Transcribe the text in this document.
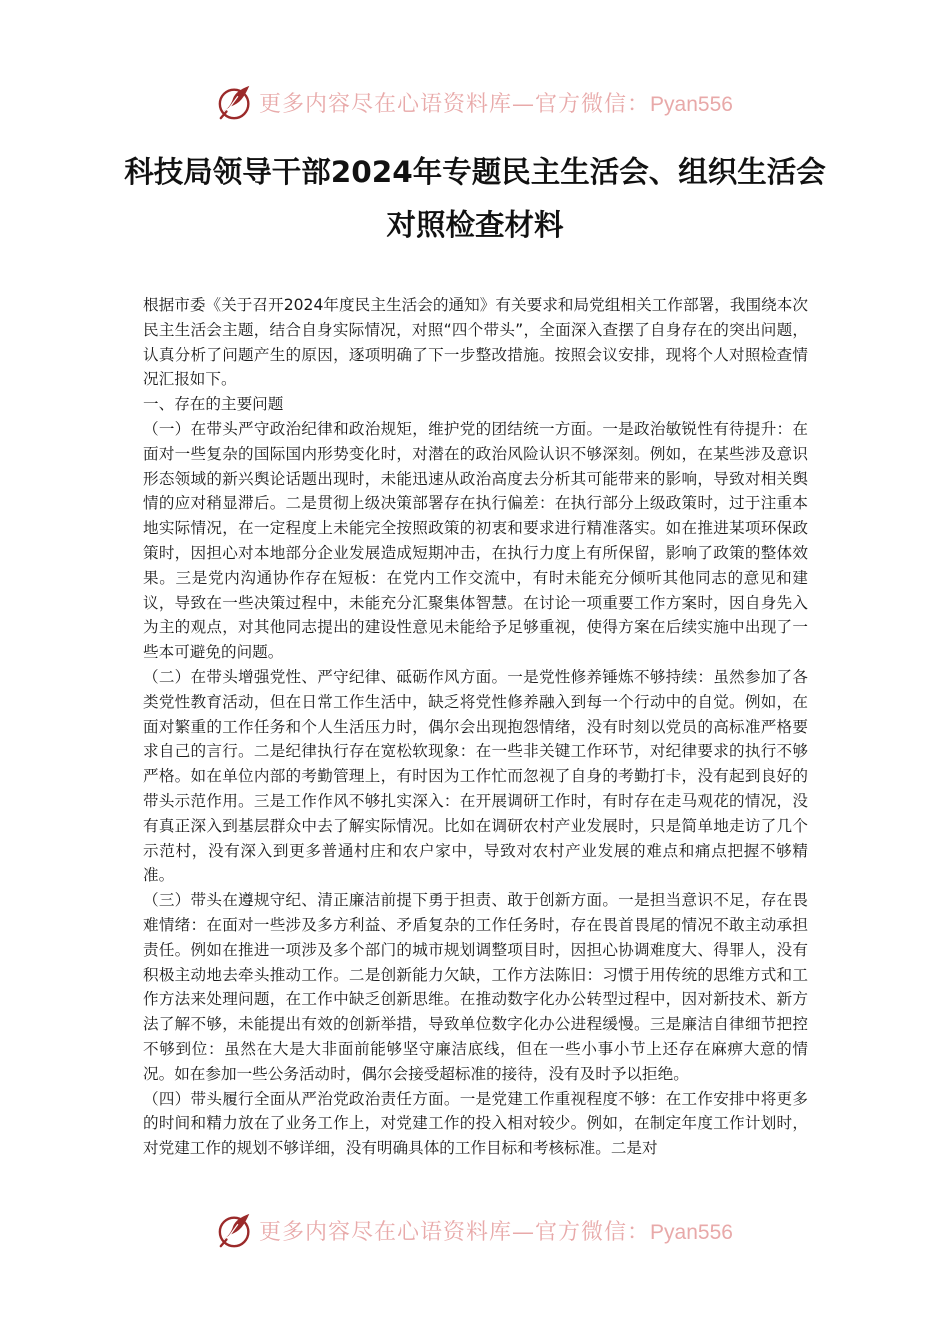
更多内容尽在心语资料库—官方微信：Pyan556
科技局领导干部2024年专题民主生活会、组织生活会对照检查材料

根据市委《关于召开2024年度民主生活会的通知》有关要求和局党组相关工作部署，我围绕本次民主生活会主题，结合自身实际情况，对照“四个带头”，全面深入查摆了自身存在的突出问题，认真分析了问题产生的原因，逐项明确了下一步整改措施。按照会议安排，现将个人对照检查情况汇报如下。

一、存在的主要问题

（一）在带头严守政治纪律和政治规矩，维护党的团结统一方面。一是政治敏锐性有待提升：在面对一些复杂的国际国内形势变化时，对潜在的政治风险认识不够深刻。例如，在某些涉及意识形态领域的新兴舆论话题出现时，未能迅速从政治高度去分析其可能带来的影响，导致对相关舆情的应对稍显滞后。二是贯彻上级决策部署存在执行偏差：在执行部分上级政策时，过于注重本地实际情况，在一定程度上未能完全按照政策的初衷和要求进行精准落实。如在推进某项环保政策时，因担心对本地部分企业发展造成短期冲击，在执行力度上有所保留，影响了政策的整体效果。三是党内沟通协作存在短板：在党内工作交流中，有时未能充分倾听其他同志的意见和建议，导致在一些决策过程中，未能充分汇聚集体智慧。在讨论一项重要工作方案时，因自身先入为主的观点，对其他同志提出的建设性意见未能给予足够重视，使得方案在后续实施中出现了一些本可避免的问题。

（二）在带头增强党性、严守纪律、砥砺作风方面。一是党性修养锤炼不够持续：虽然参加了各类党性教育活动，但在日常工作生活中，缺乏将党性修养融入到每一个行动中的自觉。例如，在面对繁重的工作任务和个人生活压力时，偶尔会出现抱怨情绪，没有时刻以党员的高标准严格要求自己的言行。二是纪律执行存在宽松软现象：在一些非关键工作环节，对纪律要求的执行不够严格。如在单位内部的考勤管理上，有时因为工作忙而忽视了自身的考勤打卡，没有起到良好的带头示范作用。三是工作作风不够扎实深入：在开展调研工作时，有时存在走马观花的情况，没有真正深入到基层群众中去了解实际情况。比如在调研农村产业发展时，只是简单地走访了几个示范村，没有深入到更多普通村庄和农户家中，导致对农村产业发展的难点和痛点把握不够精准。

（三）带头在遵规守纪、清正廉洁前提下勇于担责、敢于创新方面。一是担当意识不足，存在畏难情绪：在面对一些涉及多方利益、矛盾复杂的工作任务时，存在畏首畏尾的情况不敢主动承担责任。例如在推进一项涉及多个部门的城市规划调整项目时，因担心协调难度大、得罪人，没有积极主动地去牵头推动工作。二是创新能力欠缺，工作方法陈旧：习惯于用传统的思维方式和工作方法来处理问题，在工作中缺乏创新思维。在推动数字化办公转型过程中，因对新技术、新方法了解不够，未能提出有效的创新举措，导致单位数字化办公进程缓慢。三是廉洁自律细节把控不够到位：虽然在大是大非面前能够坚守廉洁底线，但在一些小事小节上还存在麻痹大意的情况。如在参加一些公务活动时，偶尔会接受超标准的接待，没有及时予以拒绝。

（四）带头履行全面从严治党政治责任方面。一是党建工作重视程度不够：在工作安排中将更多的时间和精力放在了业务工作上，对党建工作的投入相对较少。例如，在制定年度工作计划时，对党建工作的规划不够详细，没有明确具体的工作目标和考核标准。二是对

更多内容尽在心语资料库—官方微信：Pyan556
